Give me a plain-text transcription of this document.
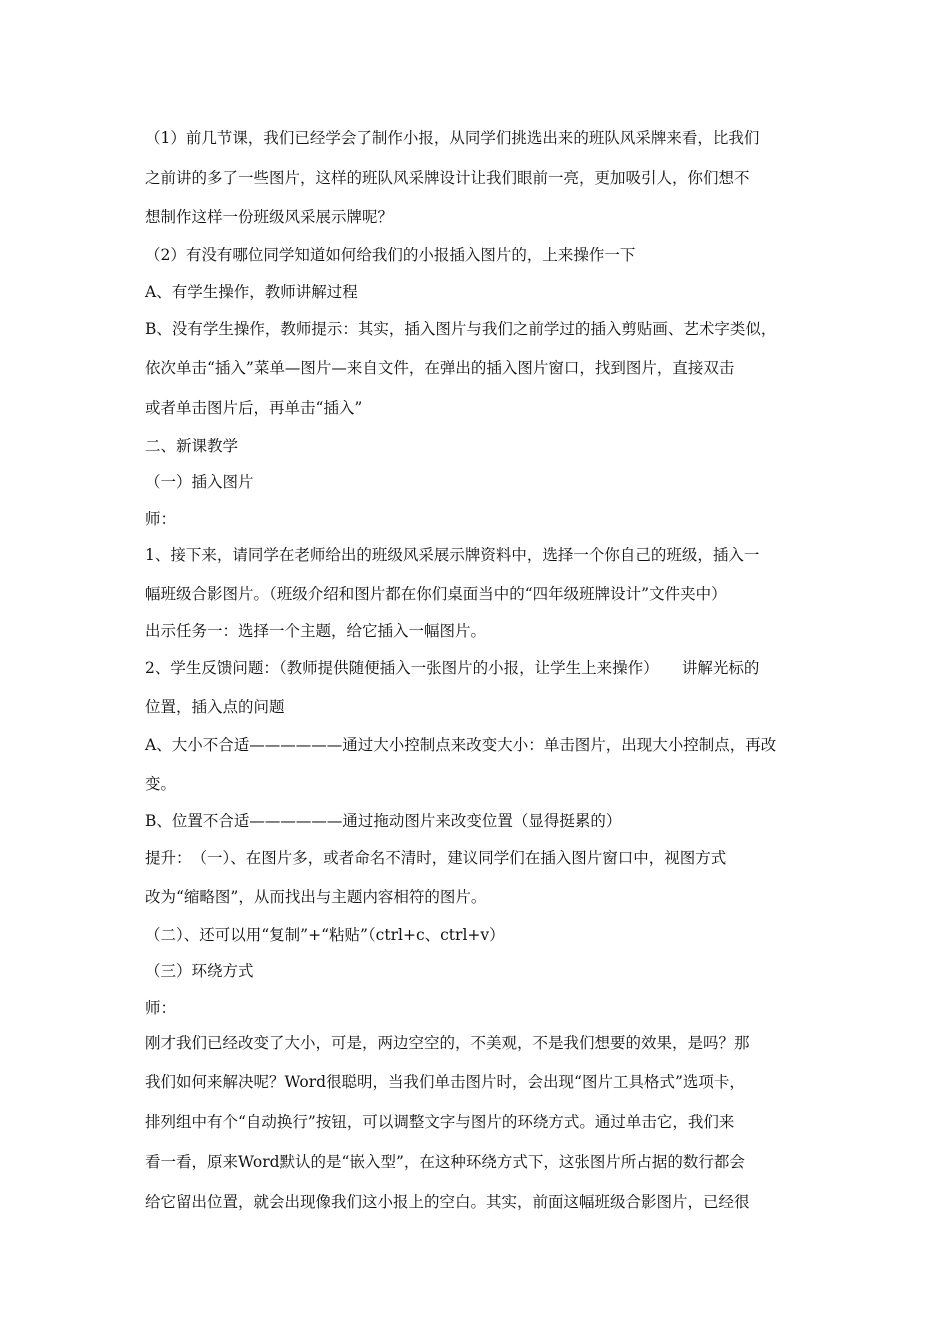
（1）前几节课，我们已经学会了制作小报，从同学们挑选出来的班队风采牌来看，比我们
之前讲的多了一些图片，这样的班队风采牌设计让我们眼前一亮，更加吸引人，你们想不
想制作这样一份班级风采展示牌呢？
（2）有没有哪位同学知道如何给我们的小报插入图片的，上来操作一下
A、有学生操作，教师讲解过程
B、没有学生操作，教师提示：其实，插入图片与我们之前学过的插入剪贴画、艺术字类似，
依次单击“插入”菜单—图片—来自文件，在弹出的插入图片窗口，找到图片，直接双击
或者单击图片后，再单击“插入”
二、新课教学
（一）插入图片
师：
1、接下来，请同学在老师给出的班级风采展示牌资料中，选择一个你自己的班级，插入一
幅班级合影图片。（班级介绍和图片都在你们桌面当中的“四年级班牌设计”文件夹中）
出示任务一：选择一个主题，给它插入一幅图片。
2、学生反馈问题：（教师提供随便插入一张图片的小报，让学生上来操作）　　讲解光标的
位置，插入点的问题
A、大小不合适——————通过大小控制点来改变大小：单击图片，出现大小控制点，再改
变。
B、位置不合适——————通过拖动图片来改变位置（显得挺累的）
提升：　（一）、在图片多，或者命名不清时，建议同学们在插入图片窗口中，视图方式
改为“缩略图”，从而找出与主题内容相符的图片。
（二）、还可以用“复制”+“粘贴”（ctrl+c、ctrl+v）
（三）环绕方式
师：
刚才我们已经改变了大小，可是，两边空空的，不美观，不是我们想要的效果，是吗？那
我们如何来解决呢？Word很聪明，当我们单击图片时，会出现“图片工具格式”选项卡，
排列组中有个“自动换行”按钮，可以调整文字与图片的环绕方式。通过单击它，我们来
看一看，原来Word默认的是“嵌入型”，在这种环绕方式下，这张图片所占据的数行都会
给它留出位置，就会出现像我们这小报上的空白。其实，前面这幅班级合影图片，已经很
